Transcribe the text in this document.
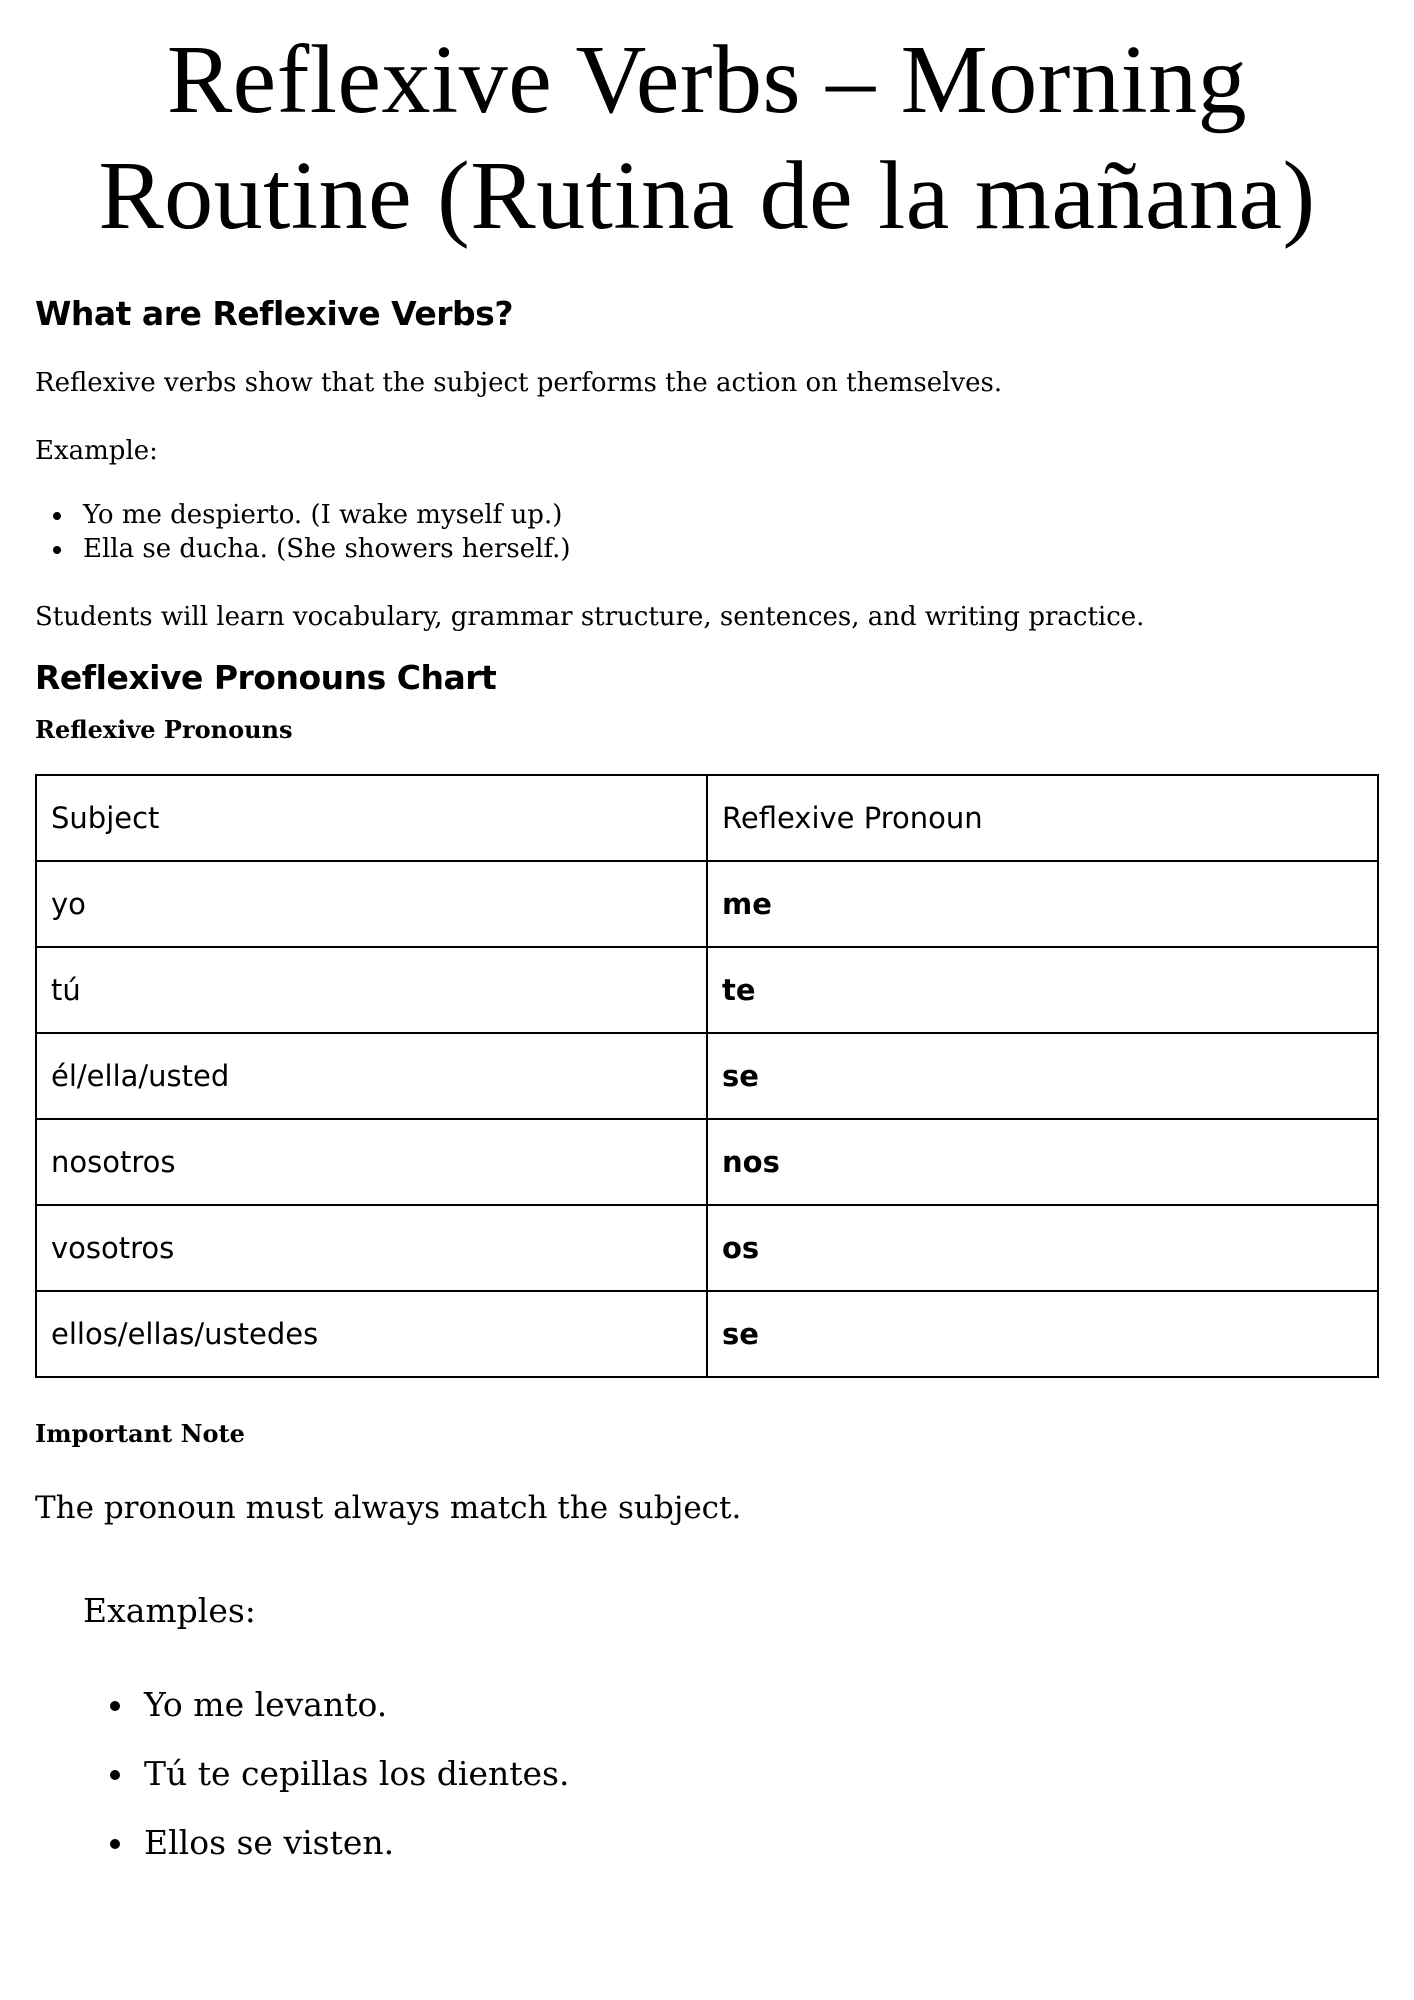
Reflexive Verbs – Morning Routine (Rutina de la mañana)
What are Reflexive Verbs?

Reflexive verbs show that the subject performs the action on themselves.

Example:

Yo me despierto. (I wake myself up.)
Ella se ducha. (She showers herself.)

Students will learn vocabulary, grammar structure, sentences, and writing practice.

Reflexive Pronouns Chart

Reflexive Pronouns

Subject	Reflexive Pronoun
yo	me
tú	te
él/ella/usted	se
nosotros	nos
vosotros	os
ellos/ellas/ustedes	se

Important Note

The pronoun must always match the subject.

Examples:

Yo me levanto.
Tú te cepillas los dientes.
Ellos se visten.
